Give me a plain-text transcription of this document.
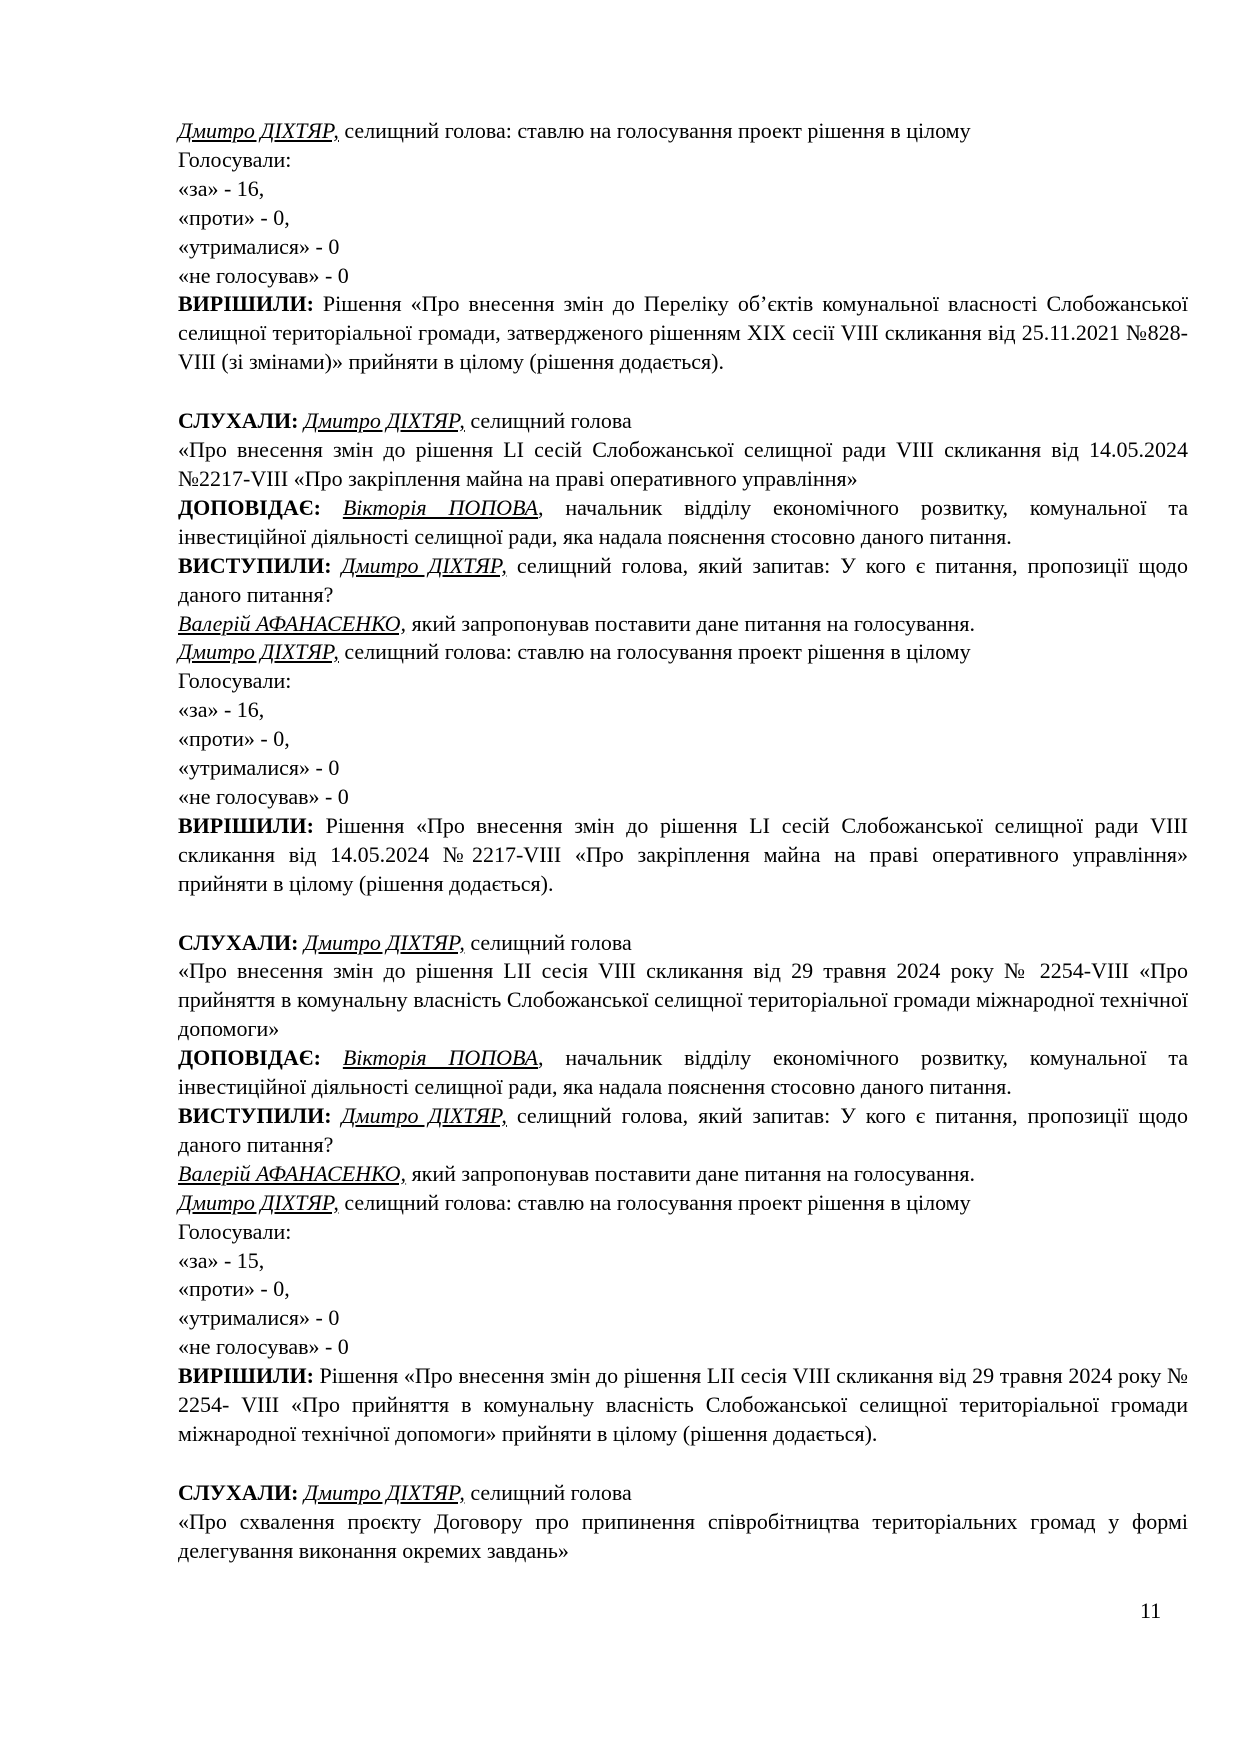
Дмитро ДІХТЯР, селищний голова: ставлю на голосування проект рішення в цілому
Голосували:
«за» - 16,
«проти» - 0,
«утрималися» - 0
«не голосував» - 0
ВИРІШИЛИ: Рішення «Про внесення змін до Переліку об’єктів комунальної власності Слобожанської селищної територіальної громади, затвердженого рішенням XIX сесії VIII скликання від 25.11.2021 №828-VIII (зі змінами)» прийняти в цілому (рішення додається).
СЛУХАЛИ: Дмитро ДІХТЯР, селищний голова
«Про внесення змін до рішення LI сесій Слобожанської селищної ради VIII скликання від 14.05.2024 №2217-VIII «Про закріплення майна на праві оперативного управління»
ДОПОВІДАЄ: Вікторія ПОПОВА, начальник відділу економічного розвитку, комунальної та інвестиційної діяльності селищної ради, яка надала пояснення стосовно даного питання.
ВИСТУПИЛИ: Дмитро ДІХТЯР, селищний голова, який запитав: У кого є питання, пропозиції щодо даного питання?
Валерій АФАНАСЕНКО, який запропонував поставити дане питання на голосування.
Дмитро ДІХТЯР, селищний голова: ставлю на голосування проект рішення в цілому
Голосували:
«за» - 16,
«проти» - 0,
«утрималися» - 0
«не голосував» - 0
ВИРІШИЛИ: Рішення «Про внесення змін до рішення LI сесій Слобожанської селищної ради VIII скликання від 14.05.2024 №2217-VIII «Про закріплення майна на праві оперативного управління» прийняти в цілому (рішення додається).
СЛУХАЛИ: Дмитро ДІХТЯР, селищний голова
«Про внесення змін до рішення LII сесія VIII скликання від 29 травня 2024 року № 2254-VIII «Про прийняття в комунальну власність Слобожанської селищної територіальної громади міжнародної технічної допомоги»
ДОПОВІДАЄ: Вікторія ПОПОВА, начальник відділу економічного розвитку, комунальної та інвестиційної діяльності селищної ради, яка надала пояснення стосовно даного питання.
ВИСТУПИЛИ: Дмитро ДІХТЯР, селищний голова, який запитав: У кого є питання, пропозиції щодо даного питання?
Валерій АФАНАСЕНКО, який запропонував поставити дане питання на голосування.
Дмитро ДІХТЯР, селищний голова: ставлю на голосування проект рішення в цілому
Голосували:
«за» - 15,
«проти» - 0,
«утрималися» - 0
«не голосував» - 0
ВИРІШИЛИ: Рішення «Про внесення змін до рішення LII сесія VIII скликання від 29 травня 2024 року № 2254- VIII «Про прийняття в комунальну власність Слобожанської селищної територіальної громади міжнародної технічної допомоги» прийняти в цілому (рішення додається).
СЛУХАЛИ: Дмитро ДІХТЯР, селищний голова
«Про схвалення проєкту Договору про припинення співробітництва територіальних громад у формі делегування виконання окремих завдань»
11
